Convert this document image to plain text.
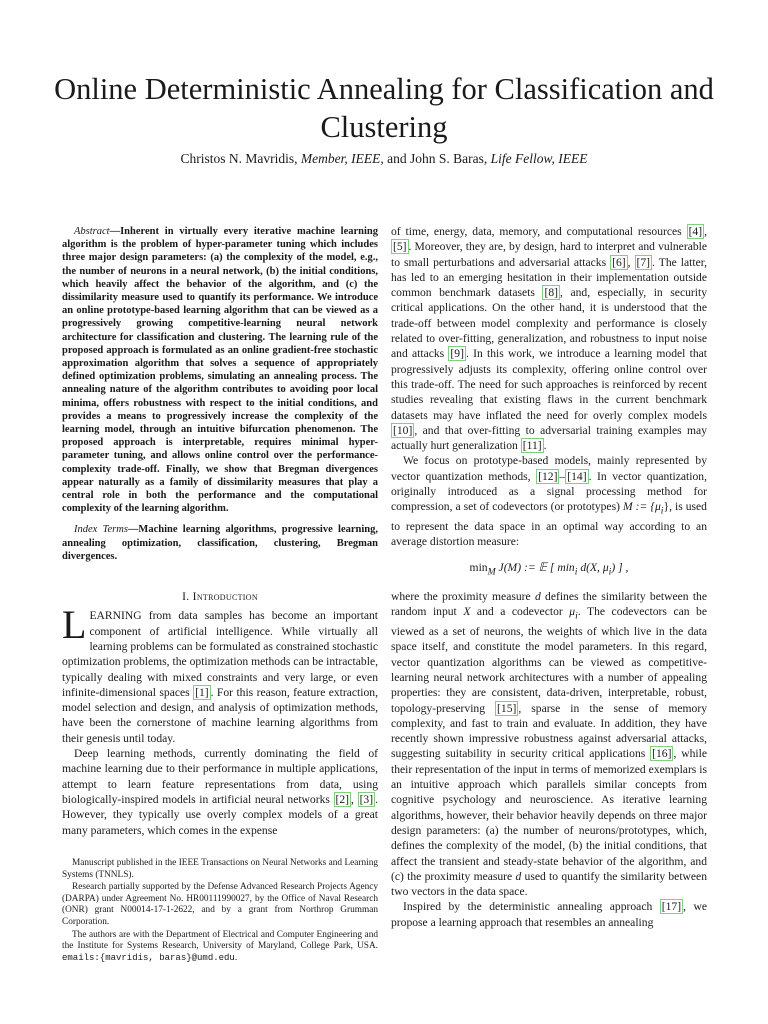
Online Deterministic Annealing for Classification and Clustering
Christos N. Mavridis, Member, IEEE, and John S. Baras, Life Fellow, IEEE

Abstract—Inherent in virtually every iterative machine learning algorithm is the problem of hyper-parameter tuning which includes three major design parameters: (a) the complexity of the model, e.g., the number of neurons in a neural network, (b) the initial conditions, which heavily affect the behavior of the algorithm, and (c) the dissimilarity measure used to quantify its performance. We introduce an online prototype-based learning algorithm that can be viewed as a progressively growing competitive-learning neural network architecture for classification and clustering. The learning rule of the proposed approach is formulated as an online gradient-free stochastic approximation algorithm that solves a sequence of appropriately defined optimization problems, simulating an annealing process. The annealing nature of the algorithm contributes to avoiding poor local minima, offers robustness with respect to the initial conditions, and provides a means to progressively increase the complexity of the learning model, through an intuitive bifurcation phenomenon. The proposed approach is interpretable, requires minimal hyper-parameter tuning, and allows online control over the performance-complexity trade-off. Finally, we show that Bregman divergences appear naturally as a family of dissimilarity measures that play a central role in both the performance and the computational complexity of the learning algorithm.

Index Terms—Machine learning algorithms, progressive learning, annealing optimization, classification, clustering, Bregman divergences.

I. Introduction

LEARNING from data samples has become an important component of artificial intelligence. While virtually all learning problems can be formulated as constrained stochastic optimization problems, the optimization methods can be intractable, typically dealing with mixed constraints and very large, or even infinite-dimensional spaces [1] . For this reason, feature extraction, model selection and design, and analysis of optimization methods, have been the cornerstone of machine learning algorithms from their genesis until today.

Deep learning methods, currently dominating the field of machine learning due to their performance in multiple applications, attempt to learn feature representations from data, using biologically-inspired models in artificial neural networks [2] , [3] . However, they typically use overly complex models of a great many parameters, which comes in the expense

Manuscript published in the IEEE Transactions on Neural Networks and Learning Systems (TNNLS).

Research partially supported by the Defense Advanced Research Projects Agency (DARPA) under Agreement No. HR00111990027, by the Office of Naval Research (ONR) grant N00014-17-1-2622, and by a grant from Northrop Grumman Corporation.

The authors are with the Department of Electrical and Computer Engineering and the Institute for Systems Research, University of Maryland, College Park, USA. emails:{mavridis, baras}@umd.edu.

of time, energy, data, memory, and computational resources [4] , [5] . Moreover, they are, by design, hard to interpret and vulnerable to small perturbations and adversarial attacks [6] , [7] . The latter, has led to an emerging hesitation in their implementation outside common benchmark datasets [8] , and, especially, in security critical applications. On the other hand, it is understood that the trade-off between model complexity and performance is closely related to over-fitting, generalization, and robustness to input noise and attacks [9] . In this work, we introduce a learning model that progressively adjusts its complexity, offering online control over this trade-off. The need for such approaches is reinforced by recent studies revealing that existing flaws in the current benchmark datasets may have inflated the need for overly complex models [10] , and that over-fitting to adversarial training examples may actually hurt generalization [11] .

We focus on prototype-based models, mainly represented by vector quantization methods, [12] – [14] . In vector quantization, originally introduced as a signal processing method for compression, a set of codevectors (or prototypes) M := $\{\mu_i\}$, is used to represent the data space in an optimal way according to an average distortion measure:

$\min_M J(M)$ := 𝔼 [ $\min_i d(X$, $\mu_i$) ] ,

where the proximity measure d defines the similarity between the random input X and a codevector $\mu_i$. The codevectors can be viewed as a set of neurons, the weights of which live in the data space itself, and constitute the model parameters. In this regard, vector quantization algorithms can be viewed as competitive-learning neural network architectures with a number of appealing properties: they are consistent, data-driven, interpretable, robust, topology-preserving [15] , sparse in the sense of memory complexity, and fast to train and evaluate. In addition, they have recently shown impressive robustness against adversarial attacks, suggesting suitability in security critical applications [16] , while their representation of the input in terms of memorized exemplars is an intuitive approach which parallels similar concepts from cognitive psychology and neuroscience. As iterative learning algorithms, however, their behavior heavily depends on three major design parameters: (a) the number of neurons/prototypes, which, defines the complexity of the model, (b) the initial conditions, that affect the transient and steady-state behavior of the algorithm, and (c) the proximity measure d used to quantify the similarity between two vectors in the data space.

Inspired by the deterministic annealing approach [17] , we propose a learning approach that resembles an annealing
